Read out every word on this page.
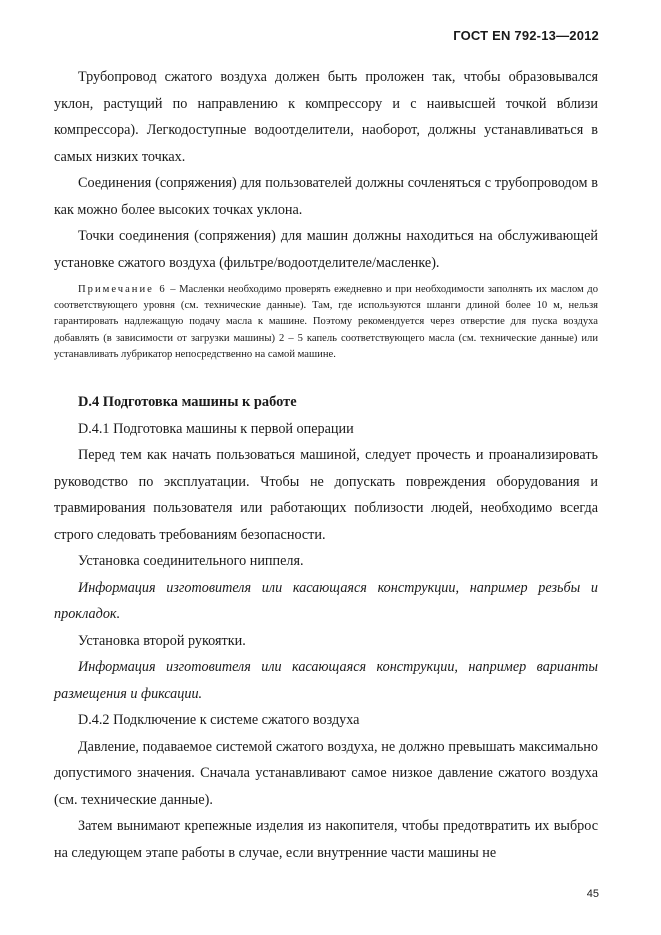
ГОСТ EN 792-13—2012

Трубопровод сжатого воздуха должен быть проложен так, чтобы образовывался уклон, растущий по направлению к компрессору и с наивысшей точкой вблизи компрессора). Легкодоступные водоотделители, наоборот, должны устанавливаться в самых низких точках.

Соединения (сопряжения) для пользователей должны сочленяться с трубопроводом в как можно более высоких точках уклона.

Точки соединения (сопряжения) для машин должны находиться на обслуживающей установке сжатого воздуха (фильтре/водоотделителе/масленке).

Примечание 6 – Масленки необходимо проверять ежедневно и при необходимости заполнять их маслом до соответствующего уровня (см. технические данные). Там, где используются шланги длиной более 10 м, нельзя гарантировать надлежащую подачу масла к машине. Поэтому рекомендуется через отверстие для пуска воздуха добавлять (в зависимости от загрузки машины) 2 – 5 капель соответствующего масла (см. технические данные) или устанавливать лубрикатор непосредственно на самой машине.

D.4 Подготовка машины к работе

D.4.1 Подготовка машины к первой операции

Перед тем как начать пользоваться машиной, следует прочесть и проанализировать руководство по эксплуатации. Чтобы не допускать повреждения оборудования и травмирования пользователя или работающих поблизости людей, необходимо всегда строго следовать требованиям безопасности.

Установка соединительного ниппеля.

Информация изготовителя или касающаяся конструкции, например резьбы и прокладок.

Установка второй рукоятки.

Информация изготовителя или касающаяся конструкции, например варианты размещения и фиксации.

D.4.2 Подключение к системе сжатого воздуха

Давление, подаваемое системой сжатого воздуха, не должно превышать максимально допустимого значения. Сначала устанавливают самое низкое давление сжатого воздуха (см. технические данные).

Затем вынимают крепежные изделия из накопителя, чтобы предотвратить их выброс на следующем этапе работы в случае, если внутренние части машины не

45
